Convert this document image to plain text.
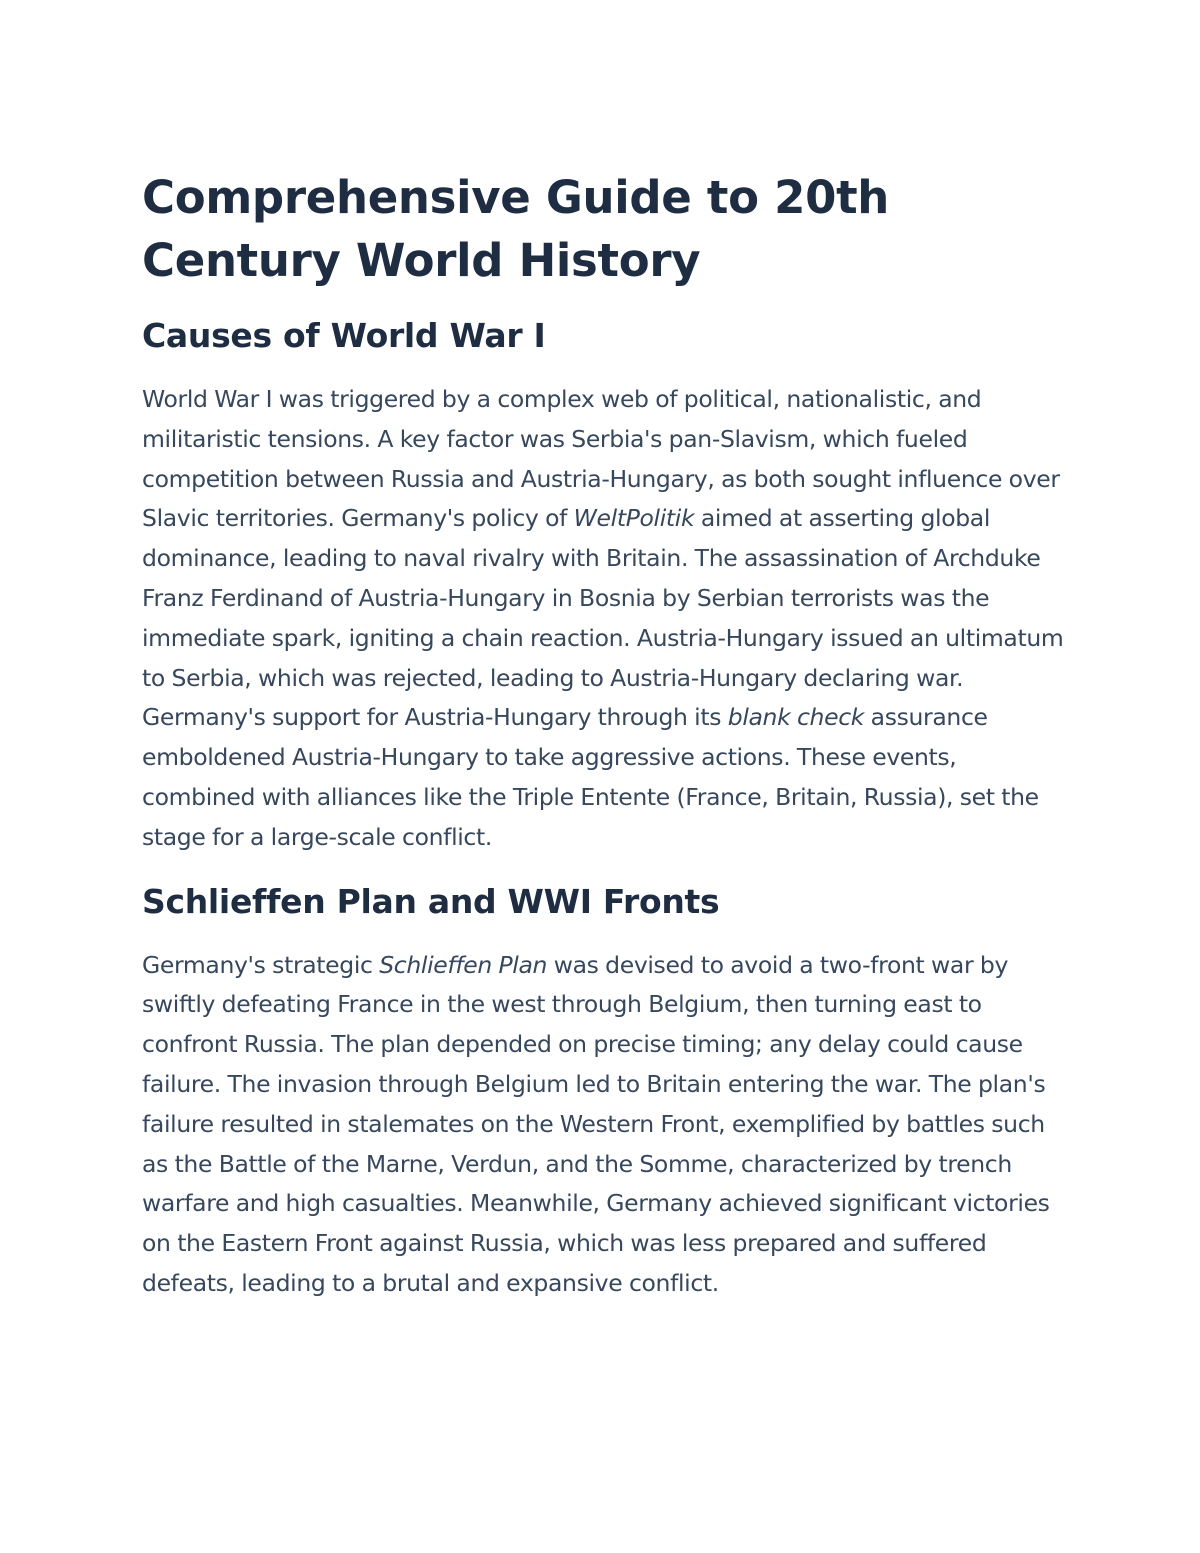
Comprehensive Guide to 20th Century World History
Causes of World War I

World War I was triggered by a complex web of political, nationalistic, and militaristic tensions. A key factor was Serbia's pan-Slavism, which fueled competition between Russia and Austria-Hungary, as both sought influence over Slavic territories. Germany's policy of WeltPolitik aimed at asserting global dominance, leading to naval rivalry with Britain. The assassination of Archduke Franz Ferdinand of Austria-Hungary in Bosnia by Serbian terrorists was the immediate spark, igniting a chain reaction. Austria-Hungary issued an ultimatum to Serbia, which was rejected, leading to Austria-Hungary declaring war. Germany's support for Austria-Hungary through its blank check assurance emboldened Austria-Hungary to take aggressive actions. These events, combined with alliances like the Triple Entente (France, Britain, Russia), set the stage for a large-scale conflict.

Schlieffen Plan and WWI Fronts

Germany's strategic Schlieffen Plan was devised to avoid a two-front war by swiftly defeating France in the west through Belgium, then turning east to confront Russia. The plan depended on precise timing; any delay could cause failure. The invasion through Belgium led to Britain entering the war. The plan's failure resulted in stalemates on the Western Front, exemplified by battles such as the Battle of the Marne, Verdun, and the Somme, characterized by trench warfare and high casualties. Meanwhile, Germany achieved significant victories on the Eastern Front against Russia, which was less prepared and suffered defeats, leading to a brutal and expansive conflict.
